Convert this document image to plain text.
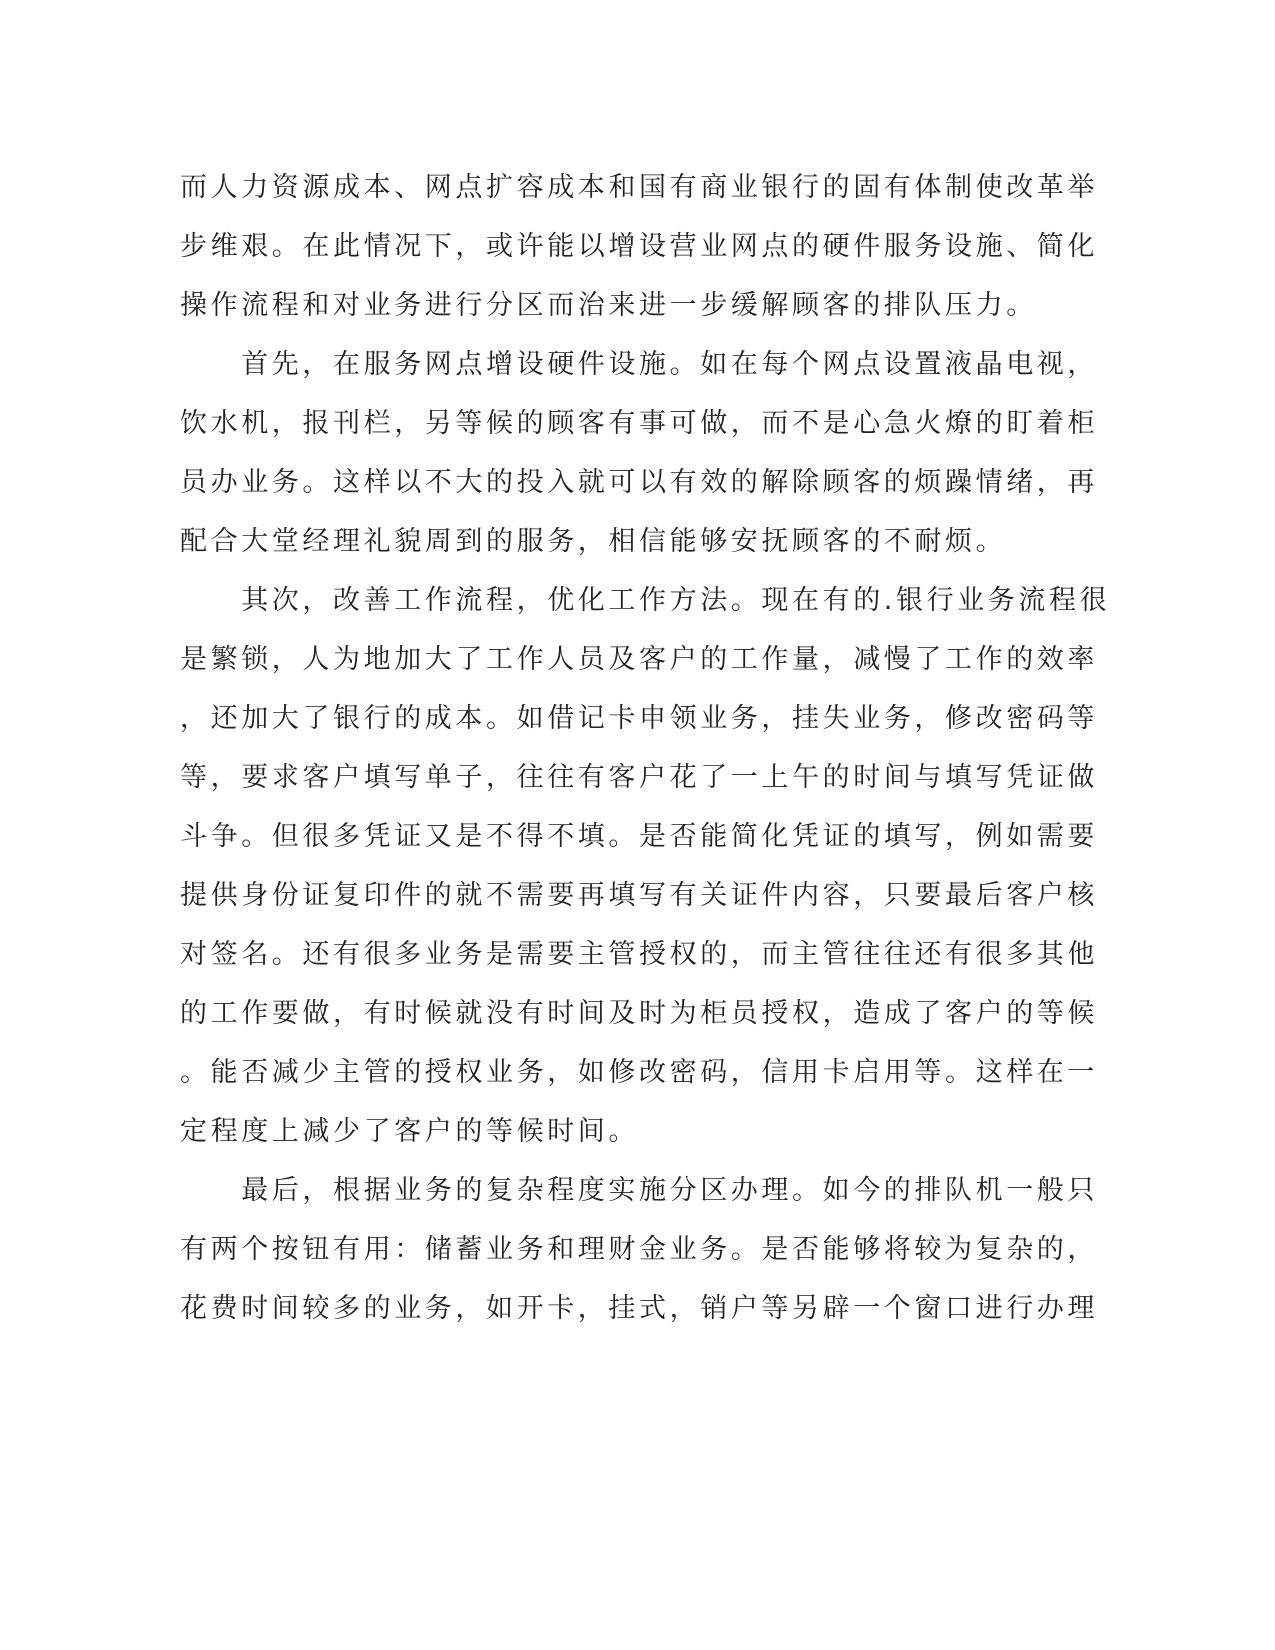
而人力资源成本、网点扩容成本和国有商业银行的固有体制使改革举
步维艰。在此情况下，或许能以增设营业网点的硬件服务设施、简化
操作流程和对业务进行分区而治来进一步缓解顾客的排队压力。
　　首先，在服务网点增设硬件设施。如在每个网点设置液晶电视，
饮水机，报刊栏，另等候的顾客有事可做，而不是心急火燎的盯着柜
员办业务。这样以不大的投入就可以有效的解除顾客的烦躁情绪，再
配合大堂经理礼貌周到的服务，相信能够安抚顾客的不耐烦。
　　其次，改善工作流程，优化工作方法。现在有的.银行业务流程很
是繁锁，人为地加大了工作人员及客户的工作量，减慢了工作的效率
，还加大了银行的成本。如借记卡申领业务，挂失业务，修改密码等
等，要求客户填写单子，往往有客户花了一上午的时间与填写凭证做
斗争。但很多凭证又是不得不填。是否能简化凭证的填写，例如需要
提供身份证复印件的就不需要再填写有关证件内容，只要最后客户核
对签名。还有很多业务是需要主管授权的，而主管往往还有很多其他
的工作要做，有时候就没有时间及时为柜员授权，造成了客户的等候
。能否减少主管的授权业务，如修改密码，信用卡启用等。这样在一
定程度上减少了客户的等候时间。
　　最后，根据业务的复杂程度实施分区办理。如今的排队机一般只
有两个按钮有用：储蓄业务和理财金业务。是否能够将较为复杂的，
花费时间较多的业务，如开卡，挂式，销户等另辟一个窗口进行办理
